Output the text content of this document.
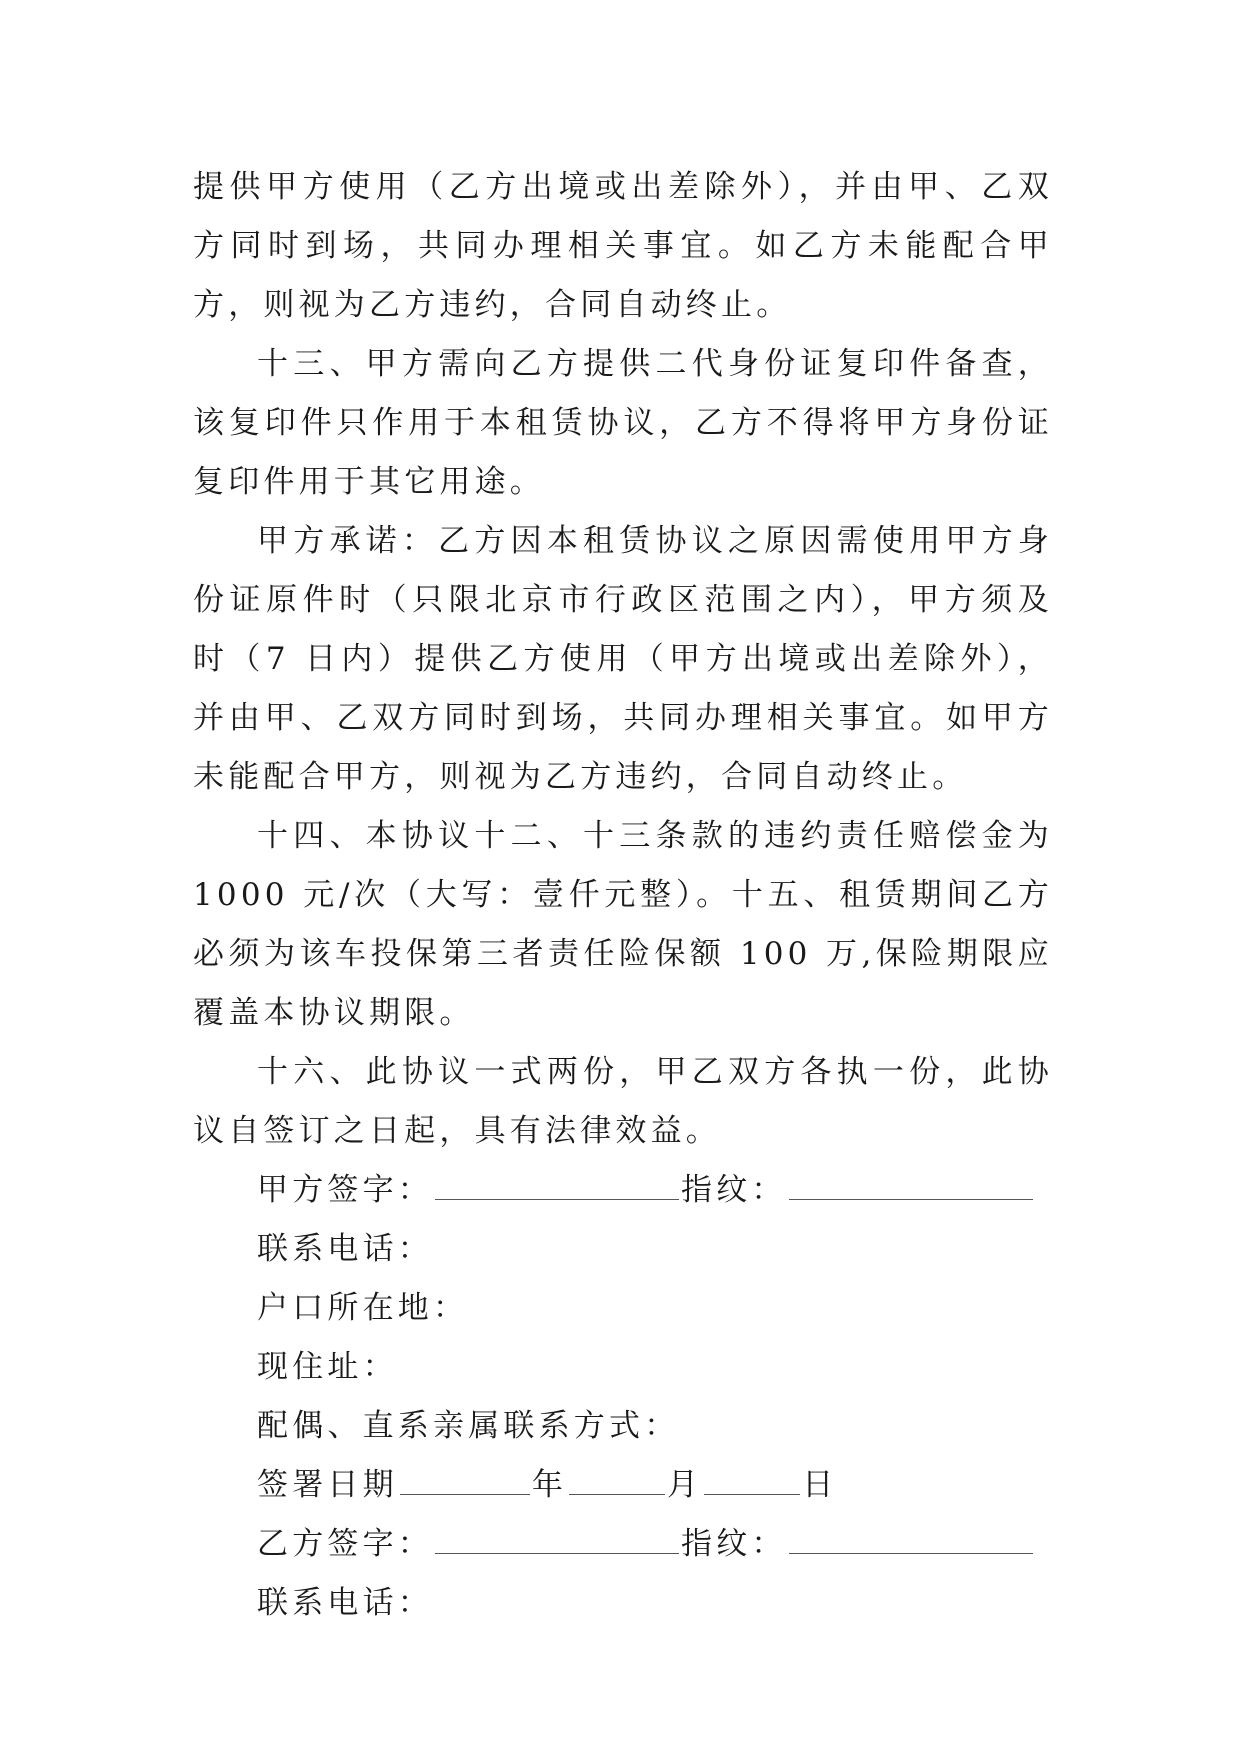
提供甲方使用（乙方出境或出差除外），并由甲、乙双方同时到场，共同办理相关事宜。如乙方未能配合甲方，则视为乙方违约，合同自动终止。

十三、甲方需向乙方提供二代身份证复印件备查，该复印件只作用于本租赁协议，乙方不得将甲方身份证复印件用于其它用途。

甲方承诺：乙方因本租赁协议之原因需使用甲方身份证原件时（只限北京市行政区范围之内），甲方须及时（7 日内）提供乙方使用（甲方出境或出差除外），并由甲、乙双方同时到场，共同办理相关事宜。如甲方未能配合甲方，则视为乙方违约，合同自动终止。

十四、本协议十二、十三条款的违约责任赔偿金为 1000 元/次（大写：壹仟元整）。十五、租赁期间乙方必须为该车投保第三者责任险保额 100 万,保险期限应覆盖本协议期限。

十六、此协议一式两份，甲乙双方各执一份，此协议自签订之日起，具有法律效益。

甲方签字：	指纹：

联系电话：

户口所在地：

现住址：

配偶、直系亲属联系方式：

签署日期	年	月	日

乙方签字：	指纹：

联系电话：
